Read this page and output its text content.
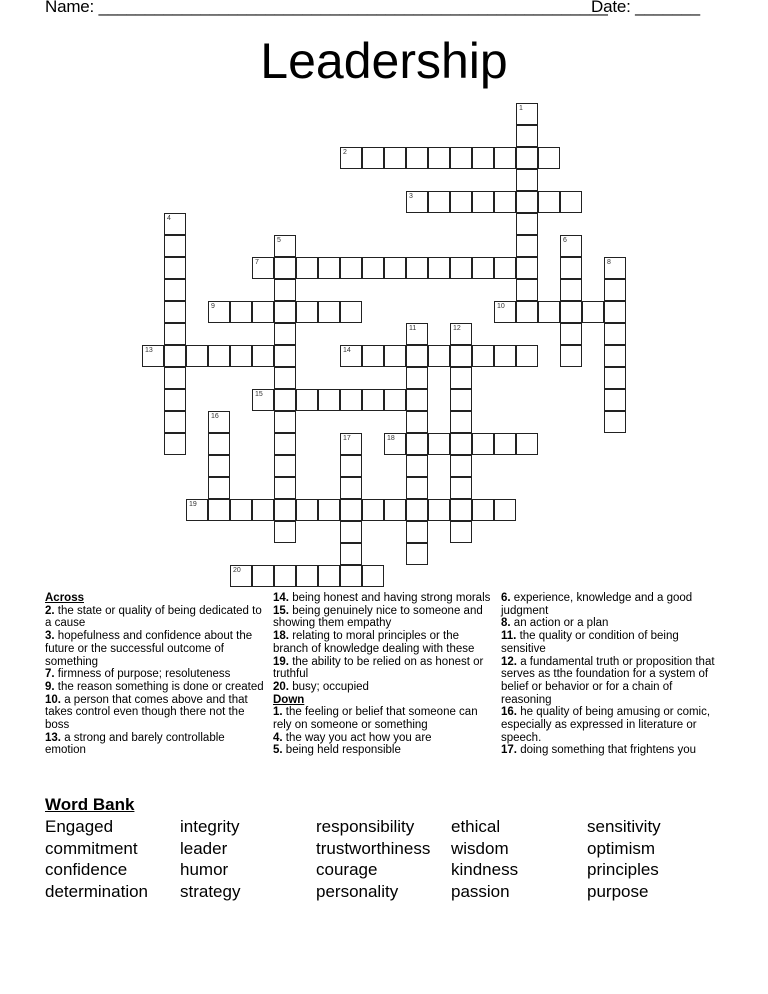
Name: _______________________________________________________
Date: _______
Leadership
2
3
7
9	10
13	14
15
18
19
20
1
4
5	6
8
11	12
16
17
Across
2. the state or quality of being dedicated to a cause
3. hopefulness and confidence about the future or the successful outcome of something
7. firmness of purpose; resoluteness
9. the reason something is done or created
10. a person that comes above and that takes control even though there not the boss
13. a strong and barely controllable emotion
14. being honest and having strong morals
15. being genuinely nice to someone and showing them empathy
18. relating to moral principles or the branch of knowledge dealing with these
19. the ability to be relied on as honest or truthful
20. busy; occupied
Down
1. the feeling or belief that someone can rely on someone or something
4. the way you act how you are
5. being held responsible
6. experience, knowledge and a good judgment
8. an action or a plan
11. the quality or condition of being sensitive
12. a fundamental truth or proposition that serves as tthe foundation for a system of belief or behavior or for a chain of reasoning
16. he quality of being amusing or comic, especially as expressed in literature or speech.
17. doing something that frightens you
Word Bank
Engaged
commitment
confidence
determination
integrity
leader
humor
strategy
responsibility
trustworthiness
courage
personality
ethical
wisdom
kindness
passion
sensitivity
optimism
principles
purpose
